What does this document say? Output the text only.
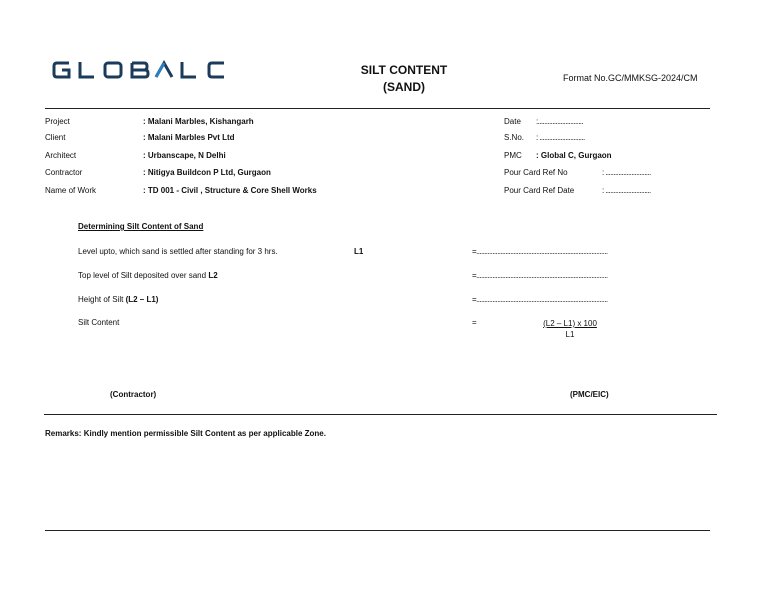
SILT CONTENT
(SAND)
Format No.GC/MMKSG-2024/CM
Project	: Malani Marbles, Kishangarh
Client	: Malani Marbles Pvt Ltd
Architect	: Urbanscape, N Delhi
Contractor	: Nitigya Buildcon P Ltd, Gurgaon
Name of Work	: TD 001 - Civil , Structure & Core Shell Works
Date :............................
S.No. : ............................
PMC : Global C, Gurgaon
Pour Card Ref No	: ............................
Pour Card Ref Date	: ............................
Determining Silt Content of Sand
Level upto, which sand is settled after standing for 3 hrs.	L1	=.................................................................................
Top level of Silt deposited over sand L2	=.................................................................................
Height of Silt (L2 – L1)	=.................................................................................
Silt Content	=	$\frac{(L2 - L1) x 100}{L1}$
(Contractor)	(PMC/EIC)
Remarks: Kindly mention permissible Silt Content as per applicable Zone.
